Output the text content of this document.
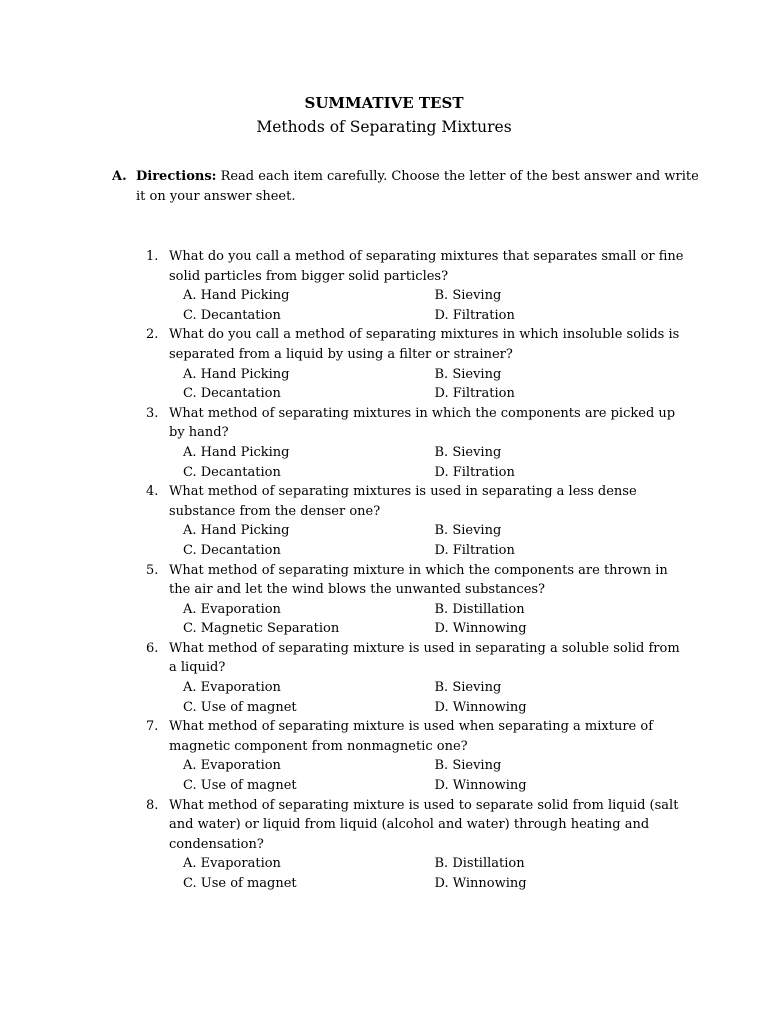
SUMMATIVE TEST
Methods of Separating Mixtures
A. Directions: Read each item carefully. Choose the letter of the best answer and write it on your answer sheet.
1. What do you call a method of separating mixtures that separates small or fine solid particles from bigger solid particles?
A. Hand Picking	B. Sieving
C. Decantation	D. Filtration
2. What do you call a method of separating mixtures in which insoluble solids is separated from a liquid by using a filter or strainer?
A. Hand Picking	B. Sieving
C. Decantation	D. Filtration
3. What method of separating mixtures in which the components are picked up by hand?
A. Hand Picking	B. Sieving
C. Decantation	D. Filtration
4. What method of separating mixtures is used in separating a less dense substance from the denser one?
A. Hand Picking	B. Sieving
C. Decantation	D. Filtration
5. What method of separating mixture in which the components are thrown in the air and let the wind blows the unwanted substances?
A. Evaporation	B. Distillation
C. Magnetic Separation	D. Winnowing
6. What method of separating mixture is used in separating a soluble solid from a liquid?
A. Evaporation	B. Sieving
C. Use of magnet	D. Winnowing
7. What method of separating mixture is used when separating a mixture of magnetic component from nonmagnetic one?
A. Evaporation	B. Sieving
C. Use of magnet	D. Winnowing
8. What method of separating mixture is used to separate solid from liquid (salt and water) or liquid from liquid (alcohol and water) through heating and condensation?
A. Evaporation	B. Distillation
C. Use of magnet	D. Winnowing
